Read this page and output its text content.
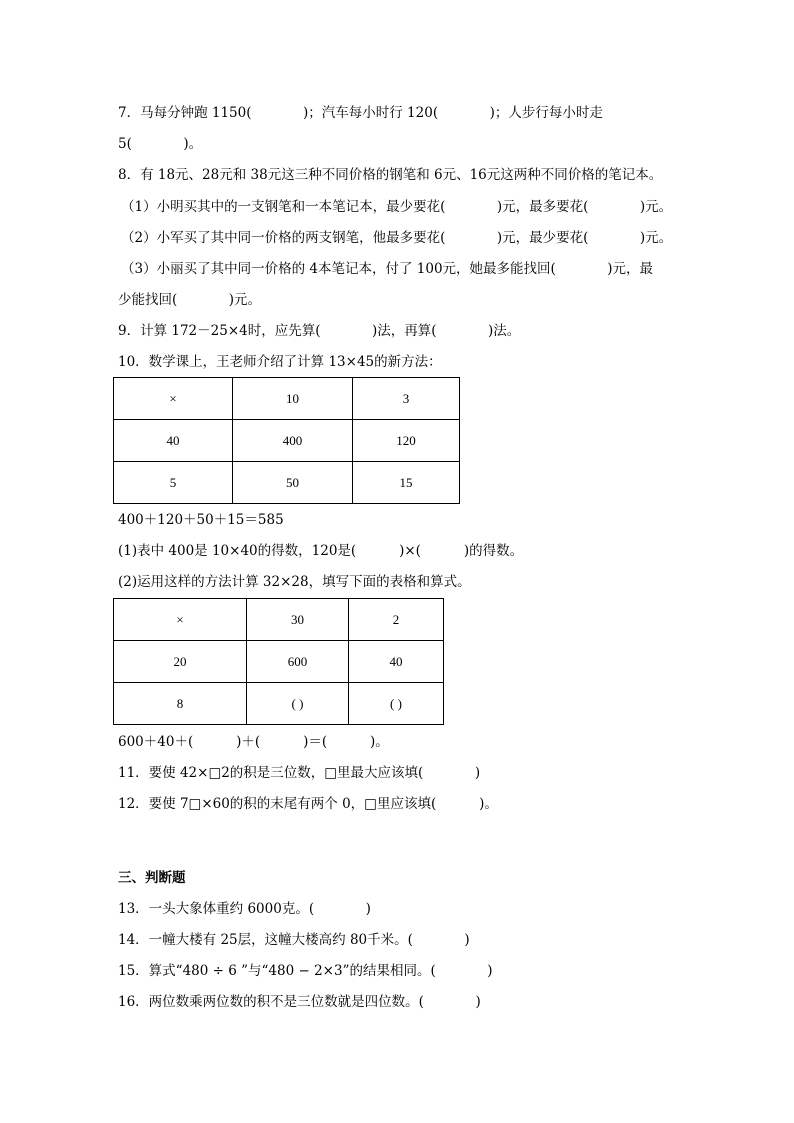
7．马每分钟跑 1150(            )；汽车每小时行 120(            )；人步行每小时走
5(            )。
8．有 18元、28元和 38元这三种不同价格的钢笔和 6元、16元这两种不同价格的笔记本。
（1）小明买其中的一支钢笔和一本笔记本，最少要花(            )元，最多要花(            )元。
（2）小军买了其中同一价格的两支钢笔，他最多要花(            )元，最少要花(            )元。
（3）小丽买了其中同一价格的 4本笔记本，付了 100元，她最多能找回(            )元，最
少能找回(            )元。
9．计算 172－25×4时，应先算(            )法，再算(            )法。
10．数学课上，王老师介绍了计算 13×45的新方法：
×	10	3
40	400	120
5	50	15
400＋120＋50＋15＝585
(1)表中 400是 10×40的得数，120是(          )×(          )的得数。
(2)运用这样的方法计算 32×28，填写下面的表格和算式。
×	30	2
20	600	40
8	( )	( )
600＋40＋(          )＋(          )＝(          )。
11．要使 42×□2的积是三位数，□里最大应该填(            )
12．要使 7□×60的积的末尾有两个 0，□里应该填(          )。
三、判断题
13．一头大象体重约 6000克。(            )
14．一幢大楼有 25层，这幢大楼高约 80千米。(            )
15．算式“480 ÷ 6 ”与“480 − 2×3”的结果相同。(            )
16．两位数乘两位数的积不是三位数就是四位数。(            )
